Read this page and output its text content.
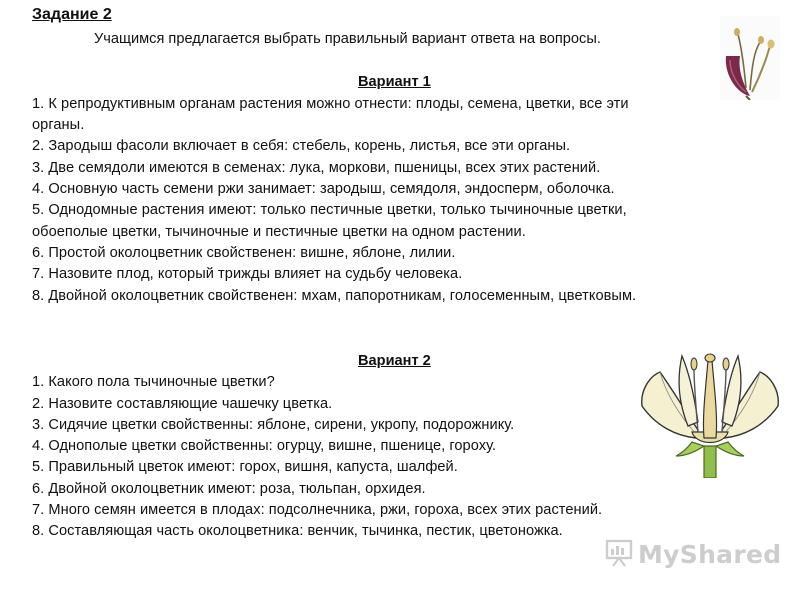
Задание 2
Учащимся предлагается выбрать правильный вариант ответа на вопросы.
Вариант 1
1. К репродуктивным органам растения можно отнести: плоды, семена, цветки, все эти
органы.
2. Зародыш фасоли включает в себя: стебель, корень, листья, все эти органы.
3. Две семядоли имеются в семенах: лука, моркови, пшеницы, всех этих растений.
4. Основную часть семени ржи занимает: зародыш, семядоля, эндосперм, оболочка.
5. Однодомные растения имеют: только пестичные цветки, только тычиночные цветки,
обоеполые цветки, тычиночные и пестичные цветки на одном растении.
6. Простой околоцветник свойственен: вишне, яблоне, лилии.
7. Назовите плод, который трижды влияет на судьбу человека.
8. Двойной околоцветник свойственен: мхам, папоротникам, голосеменным, цветковым.
Вариант 2
1. Какого пола тычиночные цветки?
2. Назовите составляющие чашечку цветка.
3. Сидячие цветки свойственны: яблоне, сирени, укропу, подорожнику.
4. Однополые цветки свойственны: огурцу, вишне, пшенице, гороху.
5. Правильный цветок имеют: горох, вишня, капуста, шалфей.
6. Двойной околоцветник имеют: роза, тюльпан, орхидея.
7. Много семян имеется в плодах: подсолнечника, ржи, гороха, всех этих растений.
8. Составляющая часть околоцветника: венчик, тычинка, пестик, цветоножка.
MyShared
